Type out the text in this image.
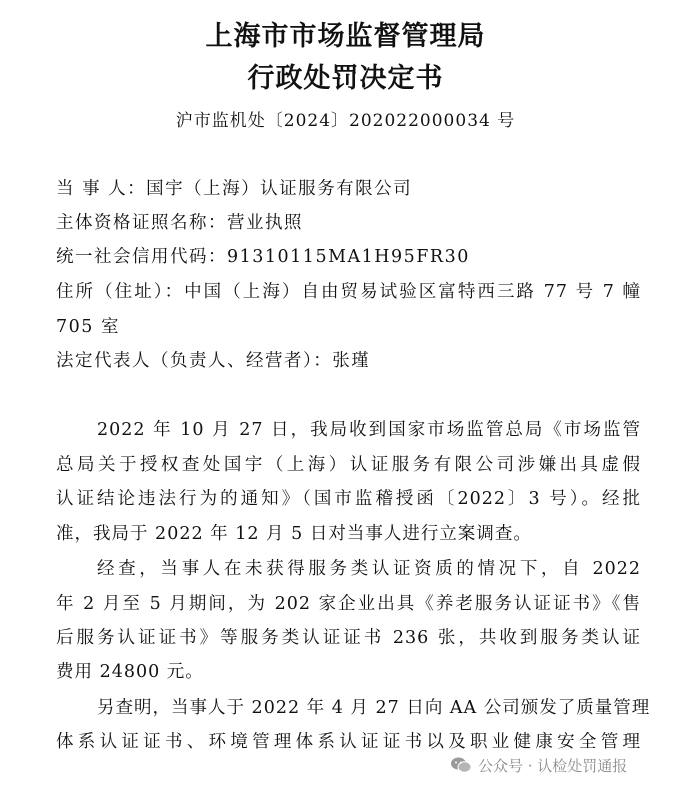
上海市市场监督管理局
行政处罚决定书
沪市监机处〔2024〕202022000034 号
当 事 人：国宇（上海）认证服务有限公司
主体资格证照名称：营业执照
统一社会信用代码：91310115MA1H95FR30
住所（住址）：中国（上海）自由贸易试验区富特西三路 77 号 7 幢
705 室
法定代表人（负责人、经营者）：张瑾
2022 年 10 月 27 日，我局收到国家市场监管总局《市场监管
总局关于授权查处国宇（上海）认证服务有限公司涉嫌出具虚假
认证结论违法行为的通知》（国市监稽授函〔2022〕3 号）。经批
准，我局于 2022 年 12 月 5 日对当事人进行立案调查。
经查，当事人在未获得服务类认证资质的情况下，自 2022
年 2 月至 5 月期间，为 202 家企业出具《养老服务认证证书》《售
后服务认证证书》等服务类认证证书 236 张，共收到服务类认证
费用 24800 元。
另查明，当事人于 2022 年 4 月 27 日向 AA 公司颁发了质量管理
体系认证证书、环境管理体系认证证书以及职业健康安全管理
公众号 · 认检处罚通报
